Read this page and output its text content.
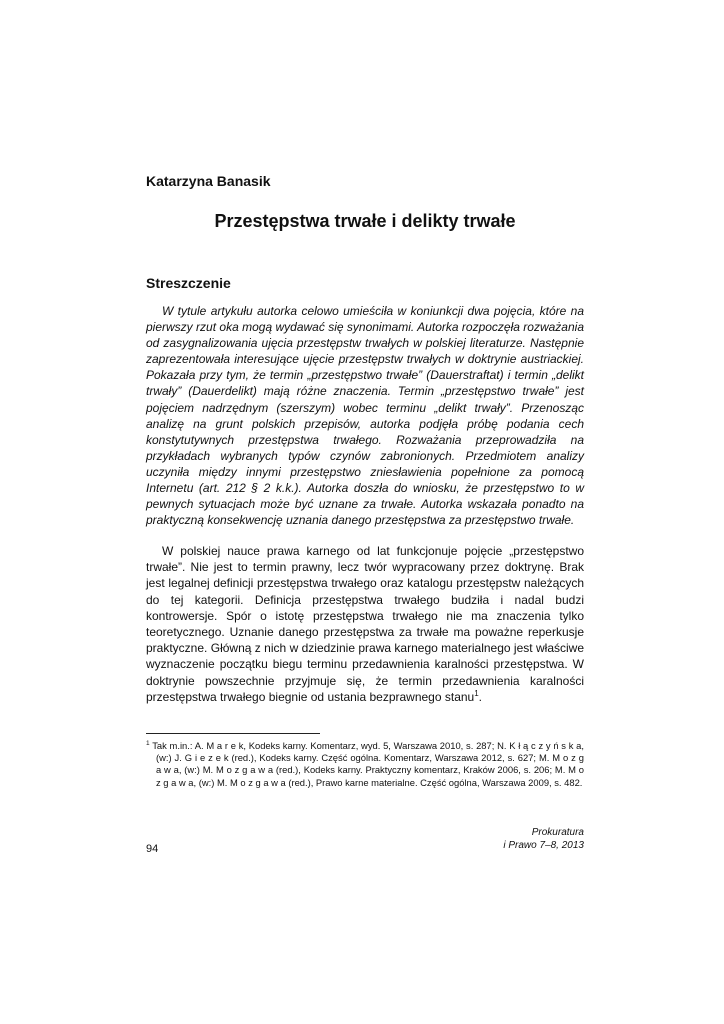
Katarzyna Banasik
Przestępstwa trwałe i delikty trwałe
Streszczenie

W tytule artykułu autorka celowo umieściła w koniunkcji dwa pojęcia, które na pierwszy rzut oka mogą wydawać się synonimami. Autorka rozpoczęła rozważania od zasygnalizowania ujęcia przestępstw trwałych w polskiej literaturze. Następnie zaprezentowała interesujące ujęcie przestępstw trwałych w doktrynie austriackiej. Pokazała przy tym, że termin „przestępstwo trwałe” (Dauerstraftat) i termin „delikt trwały” (Dauerdelikt) mają różne znaczenia. Termin „przestępstwo trwałe” jest pojęciem nadrzędnym (szerszym) wobec terminu „delikt trwały”. Przenosząc analizę na grunt polskich przepisów, autorka podjęła próbę podania cech konstytutywnych przestępstwa trwałego. Rozważania przeprowadziła na przykładach wybranych typów czynów zabronionych. Przedmiotem analizy uczyniła między innymi przestępstwo zniesławienia popełnione za pomocą Internetu (art. 212 § 2 k.k.). Autorka doszła do wniosku, że przestępstwo to w pewnych sytuacjach może być uznane za trwałe. Autorka wskazała ponadto na praktyczną konsekwencję uznania danego przestępstwa za przestępstwo trwałe.

W polskiej nauce prawa karnego od lat funkcjonuje pojęcie „przestępstwo trwałe”. Nie jest to termin prawny, lecz twór wypracowany przez doktrynę. Brak jest legalnej definicji przestępstwa trwałego oraz katalogu przestępstw należących do tej kategorii. Definicja przestępstwa trwałego budziła i nadal budzi kontrowersje. Spór o istotę przestępstwa trwałego nie ma znaczenia tylko teoretycznego. Uznanie danego przestępstwa za trwałe ma poważne reperkusje praktyczne. Główną z nich w dziedzinie prawa karnego materialnego jest właściwe wyznaczenie początku biegu terminu przedawnienia karalności przestępstwa. W doktrynie powszechnie przyjmuje się, że termin przedawnienia karalności przestępstwa trwałego biegnie od ustania bezprawnego stanu$^1$.

$^1$ Tak m.in.: A. M a r e k, Kodeks karny. Komentarz, wyd. 5, Warszawa 2010, s. 287; N. K ł ą c z y ń s k a, (w:) J. G i e z e k (red.), Kodeks karny. Część ogólna. Komentarz, Warszawa 2012, s. 627; M. M o z g a w a, (w:) M. M o z g a w a (red.), Kodeks karny. Praktyczny komentarz, Kraków 2006, s. 206; M. M o z g a w a, (w:) M. M o z g a w a (red.), Prawo karne materialne. Część ogólna, Warszawa 2009, s. 482.

94
Prokuratura
i Prawo 7–8, 2013
